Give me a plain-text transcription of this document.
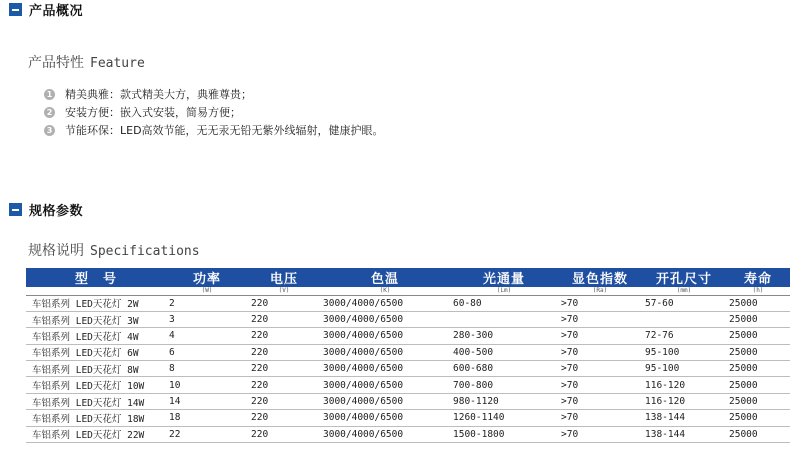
产品概况
产品特性 Feature
1 精美典雅：款式精美大方，典雅尊贵；
2 安装方便：嵌入式安装，简易方便；
3 节能环保：LED高效节能，无无汞无铅无紫外线辐射，健康护眼。
规格参数
规格说明 Specifications
型　号	功率	电压	色温	光通量	显色指数	开孔尺寸	寿命
	(W)	(V)	(K)	(Lm)	(Ra)	(mm)	(h)
车铝系列 LED天花灯 2W	2	220	3000/4000/6500	60-80	>70	57-60	25000
车铝系列 LED天花灯 3W	3	220	3000/4000/6500		>70		25000
车铝系列 LED天花灯 4W	4	220	3000/4000/6500	280-300	>70	72-76	25000
车铝系列 LED天花灯 6W	6	220	3000/4000/6500	400-500	>70	95-100	25000
车铝系列 LED天花灯 8W	8	220	3000/4000/6500	600-680	>70	95-100	25000
车铝系列 LED天花灯 10W	10	220	3000/4000/6500	700-800	>70	116-120	25000
车铝系列 LED天花灯 14W	14	220	3000/4000/6500	980-1120	>70	116-120	25000
车铝系列 LED天花灯 18W	18	220	3000/4000/6500	1260-1140	>70	138-144	25000
车铝系列 LED天花灯 22W	22	220	3000/4000/6500	1500-1800	>70	138-144	25000
